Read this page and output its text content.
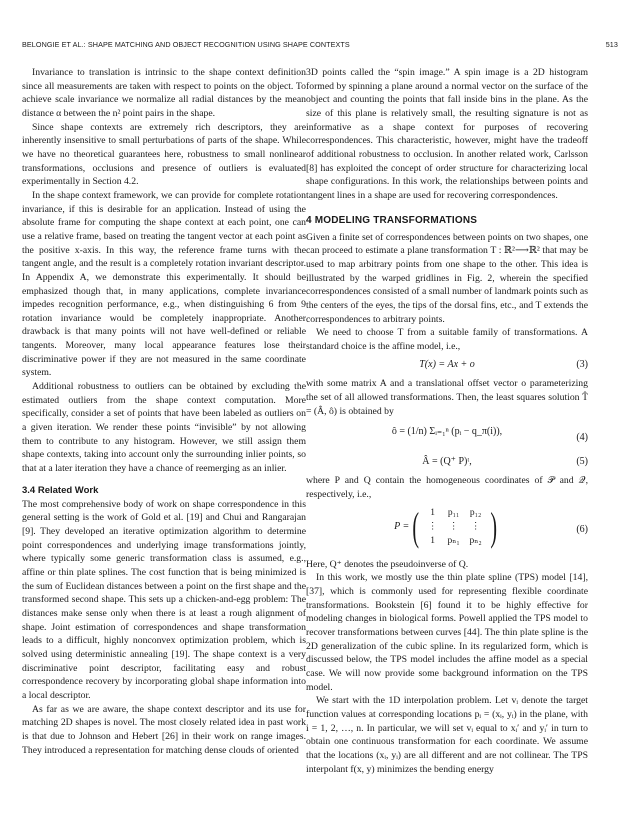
BELONGIE ET AL.: SHAPE MATCHING AND OBJECT RECOGNITION USING SHAPE CONTEXTS	513

Invariance to translation is intrinsic to the shape context definition since all measurements are taken with respect to points on the object. To achieve scale invariance we normalize all radial distances by the mean distance α between the n² point pairs in the shape.

Since shape contexts are extremely rich descriptors, they are inherently insensitive to small perturbations of parts of the shape. While we have no theoretical guarantees here, robustness to small nonlinear transformations, occlusions and presence of outliers is evaluated experimentally in Section 4.2.

In the shape context framework, we can provide for complete rotation invariance, if this is desirable for an application. Instead of using the absolute frame for computing the shape context at each point, one can use a relative frame, based on treating the tangent vector at each point as the positive x-axis. In this way, the reference frame turns with the tangent angle, and the result is a completely rotation invariant descriptor. In Appendix A, we demonstrate this experimentally. It should be emphasized though that, in many applications, complete invariance impedes recognition performance, e.g., when distinguishing 6 from 9 rotation invariance would be completely inappropriate. Another drawback is that many points will not have well-defined or reliable tangents. Moreover, many local appearance features lose their discriminative power if they are not measured in the same coordinate system.

Additional robustness to outliers can be obtained by excluding the estimated outliers from the shape context computation. More specifically, consider a set of points that have been labeled as outliers on a given iteration. We render these points “invisible” by not allowing them to contribute to any histogram. However, we still assign them shape contexts, taking into account only the surrounding inlier points, so that at a later iteration they have a chance of reemerging as an inlier.

3.4 Related Work

The most comprehensive body of work on shape correspondence in this general setting is the work of Gold et al. [19] and Chui and Rangarajan [9]. They developed an iterative optimization algorithm to determine point correspondences and underlying image transformations jointly, where typically some generic transformation class is assumed, e.g., affine or thin plate splines. The cost function that is being minimized is the sum of Euclidean distances between a point on the first shape and the transformed second shape. This sets up a chicken-and-egg problem: The distances make sense only when there is at least a rough alignment of shape. Joint estimation of correspondences and shape transformation leads to a difficult, highly nonconvex optimization problem, which is solved using deterministic annealing [19]. The shape context is a very discriminative point descriptor, facilitating easy and robust correspondence recovery by incorporating global shape information into a local descriptor.

As far as we are aware, the shape context descriptor and its use for matching 2D shapes is novel. The most closely related idea in past work is that due to Johnson and Hebert [26] in their work on range images. They introduced a representation for matching dense clouds of oriented

3D points called the “spin image.” A spin image is a 2D histogram formed by spinning a plane around a normal vector on the surface of the object and counting the points that fall inside bins in the plane. As the size of this plane is relatively small, the resulting signature is not as informative as a shape context for purposes of recovering correspondences. This characteristic, however, might have the tradeoff of additional robustness to occlusion. In another related work, Carlsson [8] has exploited the concept of order structure for characterizing local shape configurations. In this work, the relationships between points and tangent lines in a shape are used for recovering correspondences.

4 MODELING TRANSFORMATIONS

Given a finite set of correspondences between points on two shapes, one can proceed to estimate a plane transformation T : ℝ²⟶ℝ² that may be used to map arbitrary points from one shape to the other. This idea is illustrated by the warped gridlines in Fig. 2, wherein the specified correspondences consisted of a small number of landmark points such as the centers of the eyes, the tips of the dorsal fins, etc., and T extends the correspondences to arbitrary points.

We need to choose T from a suitable family of transformations. A standard choice is the affine model, i.e.,

T(x) = Ax + o	(3)

with some matrix A and a translational offset vector o parameterizing the set of all allowed transformations. Then, the least squares solution T̂ = (Â, ô) is obtained by

ô = (1/n) Σᵢ₌₁ⁿ (pᵢ − q_π(i)),
(4)
Â = (Q⁺ P)ᵗ,	(5)

where P and Q contain the homogeneous coordinates of 𝒫 and 𝒬, respectively, i.e.,

P = (	1	p₁₁	p₁₂
⋮	⋮	⋮
1	pₙ₁	pₙ₂ )	(6)

Here, Q⁺ denotes the pseudoinverse of Q.

In this work, we mostly use the thin plate spline (TPS) model [14], [37], which is commonly used for representing flexible coordinate transformations. Bookstein [6] found it to be highly effective for modeling changes in biological forms. Powell applied the TPS model to recover transformations between curves [44]. The thin plate spline is the 2D generalization of the cubic spline. In its regularized form, which is discussed below, the TPS model includes the affine model as a special case. We will now provide some background information on the TPS model.

We start with the 1D interpolation problem. Let vᵢ denote the target function values at corresponding locations pᵢ = (xᵢ, yᵢ) in the plane, with i = 1, 2, …, n. In particular, we will set vᵢ equal to xᵢ′ and yᵢ′ in turn to obtain one continuous transformation for each coordinate. We assume that the locations (xᵢ, yᵢ) are all different and are not collinear. The TPS interpolant f(x, y) minimizes the bending energy
